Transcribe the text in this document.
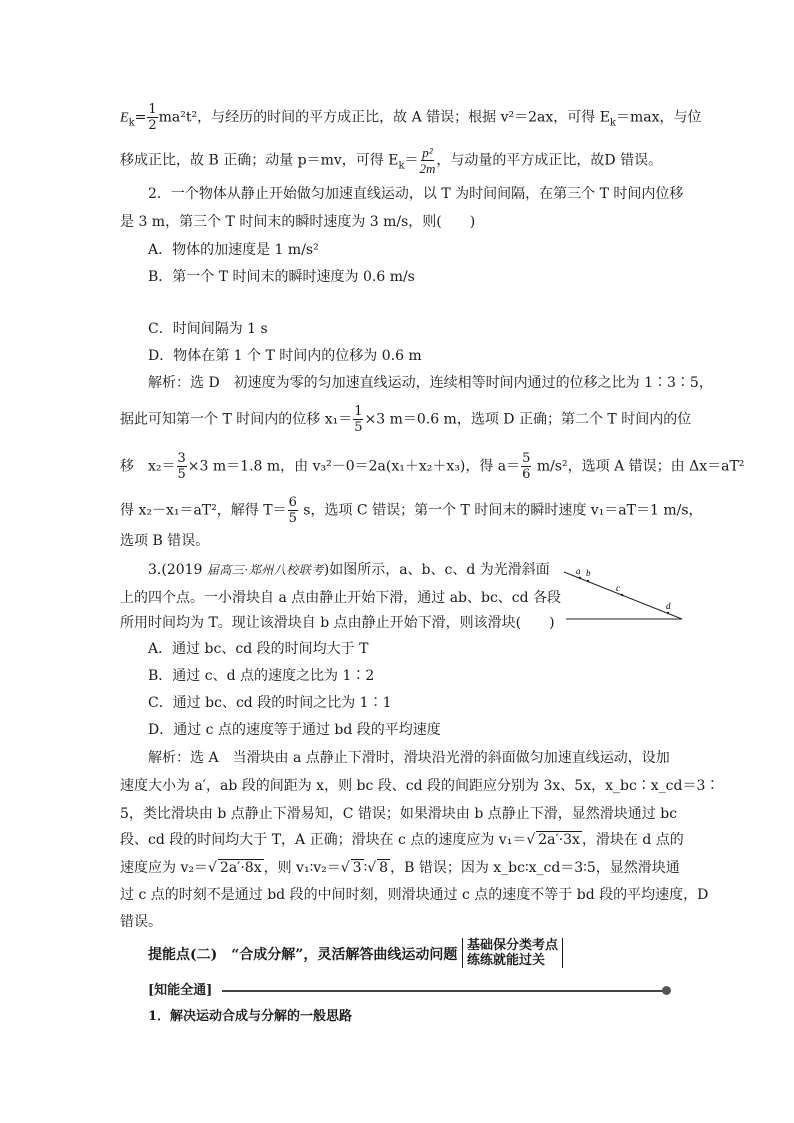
$E_k= \frac{1}{2} ma^2t^2$，与经历的时间的平方成正比，故 A 错误；根据 v²＝2ax，可得 $E_k=\max$，与位
移成正比，故 B 正确；动量 p＝mv，可得 $E_k= \frac{\text{p²}}{2m}$ ，与动量的平方成正比，故D 错误。
2．一个物体从静止开始做匀加速直线运动，以 T 为时间间隔，在第三个 T 时间内位移
是 3 m，第三个 T 时间末的瞬时速度为 3 m/s，则(　　)
A．物体的加速度是 1 m/s²
B．第一个 T 时间末的瞬时速度为 0.6 m/s
C．时间间隔为 1 s
D．物体在第 1 个 T 时间内的位移为 0.6 m
解析：选 D　初速度为零的匀加速直线运动，连续相等时间内通过的位移之比为 1∶3∶5，
据此可知第一个 T 时间内的位移 $x_1= \frac{1}{5} \times 3$ m＝0.6 m，选项 D 正确；第二个 T 时间内的位
移　$x_2= \frac{3}{5} \times 3$ m＝1.8 m，由 v₃²－0＝2a(x₁＋x₂＋x₃)，得 $a= \frac{5}{6} m/s^2$，选项 A 错误；由 Δx＝aT²
得 x₂－x₁＝aT²，解得 $T= \frac{6}{5}$ s，选项 C 错误；第一个 T 时间末的瞬时速度 v₁＝aT＝1 m/s，
选项 B 错误。
3.(2019 届高三·郑州八校联考)如图所示，a、b、c、d 为光滑斜面
上的四个点。一小滑块自 a 点由静止开始下滑，通过 ab、bc、cd 各段
所用时间均为 T。现让该滑块自 b 点由静止开始下滑，则该滑块(　　)
a b
c
d
A．通过 bc、cd 段的时间均大于 T
B．通过 c、d 点的速度之比为 1∶2
C．通过 bc、cd 段的时间之比为 1∶1
D．通过 c 点的速度等于通过 bd 段的平均速度
解析：选 A　当滑块由 a 点静止下滑时，滑块沿光滑的斜面做匀加速直线运动，设加
速度大小为 a′，ab 段的间距为 x，则 bc 段、cd 段的间距应分别为 3x、5x，x_bc∶x_cd＝3∶
5，类比滑块由 b 点静止下滑易知，C 错误；如果滑块由 b 点静止下滑，显然滑块通过 bc
段、cd 段的时间均大于 T，A 正确；滑块在 c 点的速度应为 v₁＝√ 2a′·3x ，滑块在 d 点的
速度应为 v₂＝√ 2a′·8x ，则 v₁∶v₂＝√ 3 ∶√ 8 ，B 错误；因为 x_bc∶x_cd＝3∶5，显然滑块通
过 c 点的时刻不是通过 bd 段的中间时刻，则滑块通过 c 点的速度不等于 bd 段的平均速度，D
错误。
提能点(二)　“合成分解”，灵活解答曲线运动问题
基础保分类考点
练练就能过关
[知能全通]
1．解决运动合成与分解的一般思路
